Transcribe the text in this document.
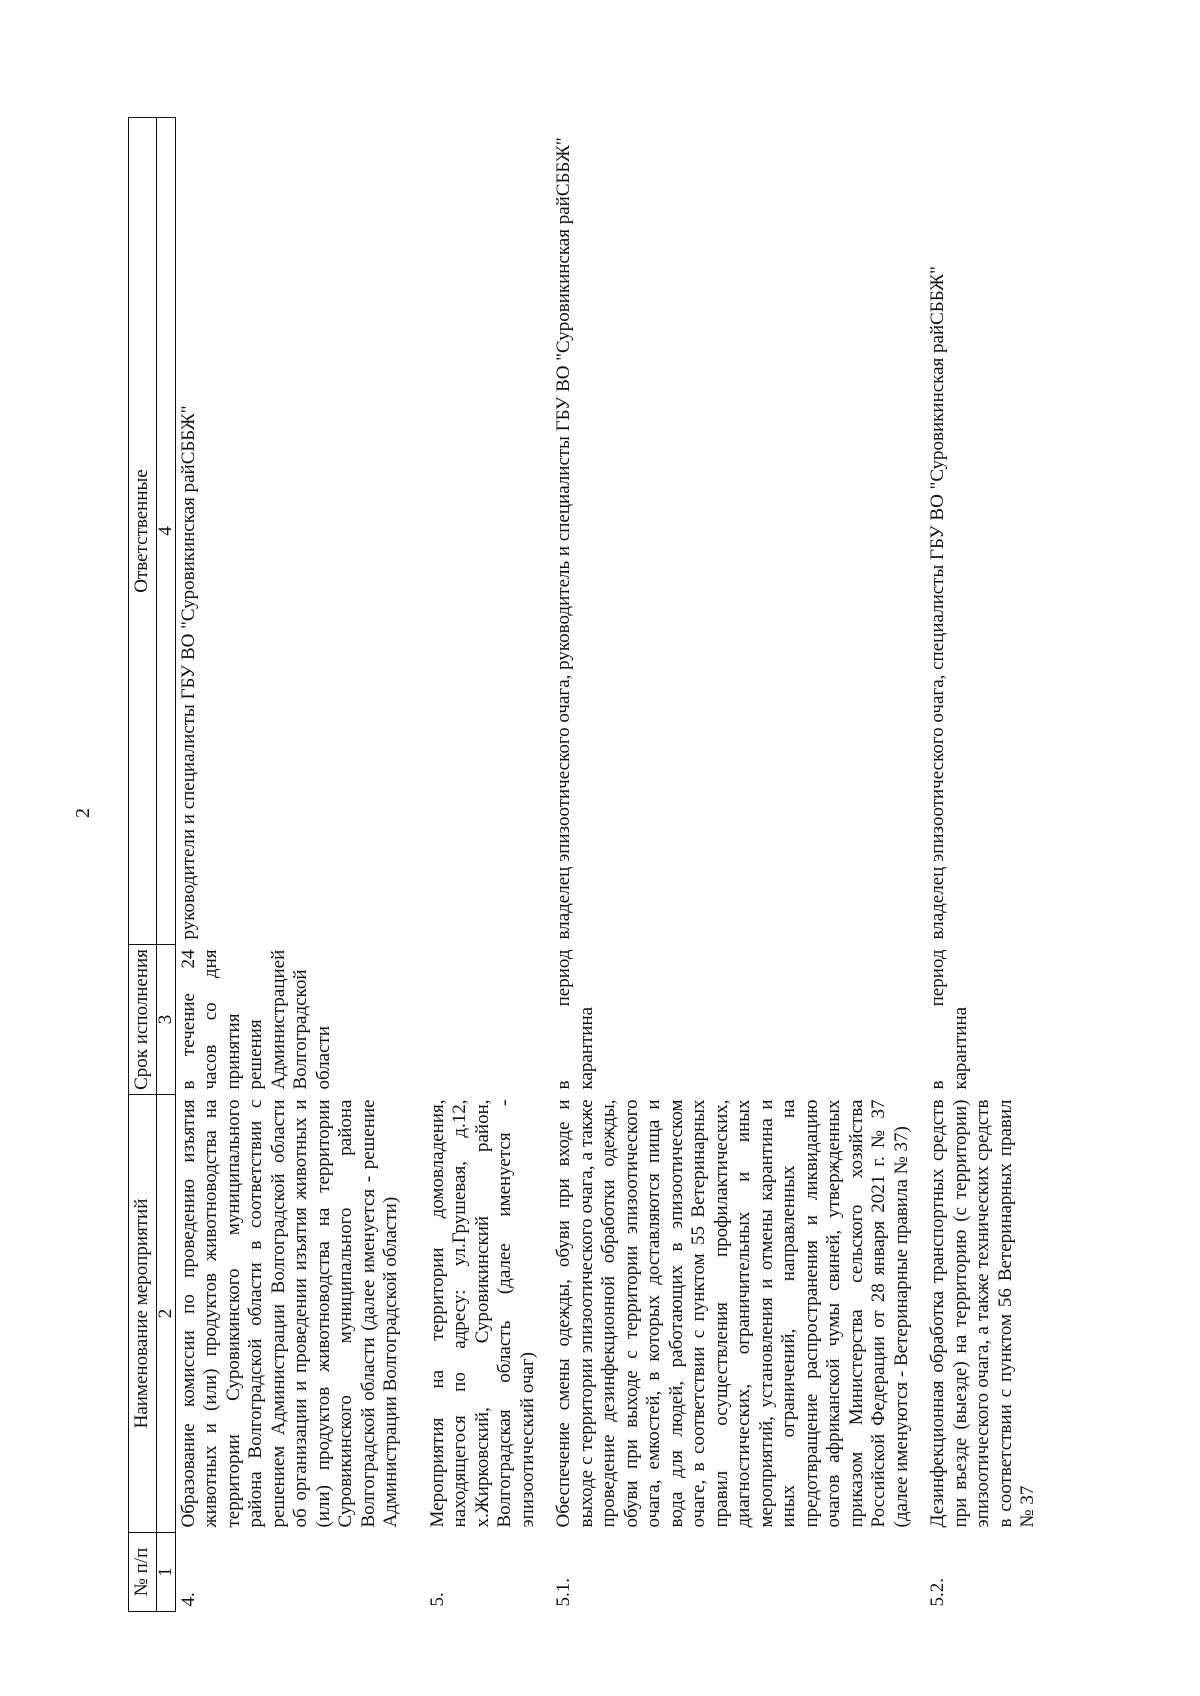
2
№ п/п	Наименование мероприятий	Срок исполнения	Ответственные
1	2	3	4
4.	Образование комиссии по проведению изъятия животных и (или) продуктов животноводства на территории Суровикинского муниципального района Волгоградской области в соответствии с решением Администрации Волгоградской области об организации и проведении изъятия животных и (или) продуктов животноводства на территории Суровикинского муниципального района Волгоградской области (далее именуется - решение Администрации Волгоградской области)	в течение 24 часов со дня принятия решения Администрацией Волгоградской области	руководители и специалисты ГБУ ВО "Суровикинская райСББЖ"
5.	Мероприятия на территории домовладения, находящегося по адресу: ул.Грушевая, д.12, х.Жирковский, Суровикинский район, Волгоградская область (далее именуется - эпизоотический очаг)		
5.1.	Обеспечение смены одежды, обуви при входе и выходе с территории эпизоотического очага, а также проведение дезинфекционной обработки одежды, обуви при выходе с территории эпизоотического очага, емкостей, в которых доставляются пища и вода для людей, работающих в эпизоотическом очаге, в соответствии с пунктом 55 Ветеринарных правил осуществления профилактических, диагностических, ограничительных и иных мероприятий, установления и отмены карантина и иных ограничений, направленных на предотвращение распространения и ликвидацию очагов африканской чумы свиней, утвержденных приказом Министерства сельского хозяйства Российской Федерации от 28 января 2021 г. № 37 (далее именуются - Ветеринарные правила № 37)	в период карантина	владелец эпизоотического очага, руководитель и специалисты ГБУ ВО "Суровикинская райСББЖ"
5.2.	Дезинфекционная обработка транспортных средств при въезде (выезде) на территорию (с территории) эпизоотического очага, а также технических средств в соответствии с пунктом 56 Ветеринарных правил № 37	в период карантина	владелец эпизоотического очага, специалисты ГБУ ВО "Суровикинская райСББЖ"
